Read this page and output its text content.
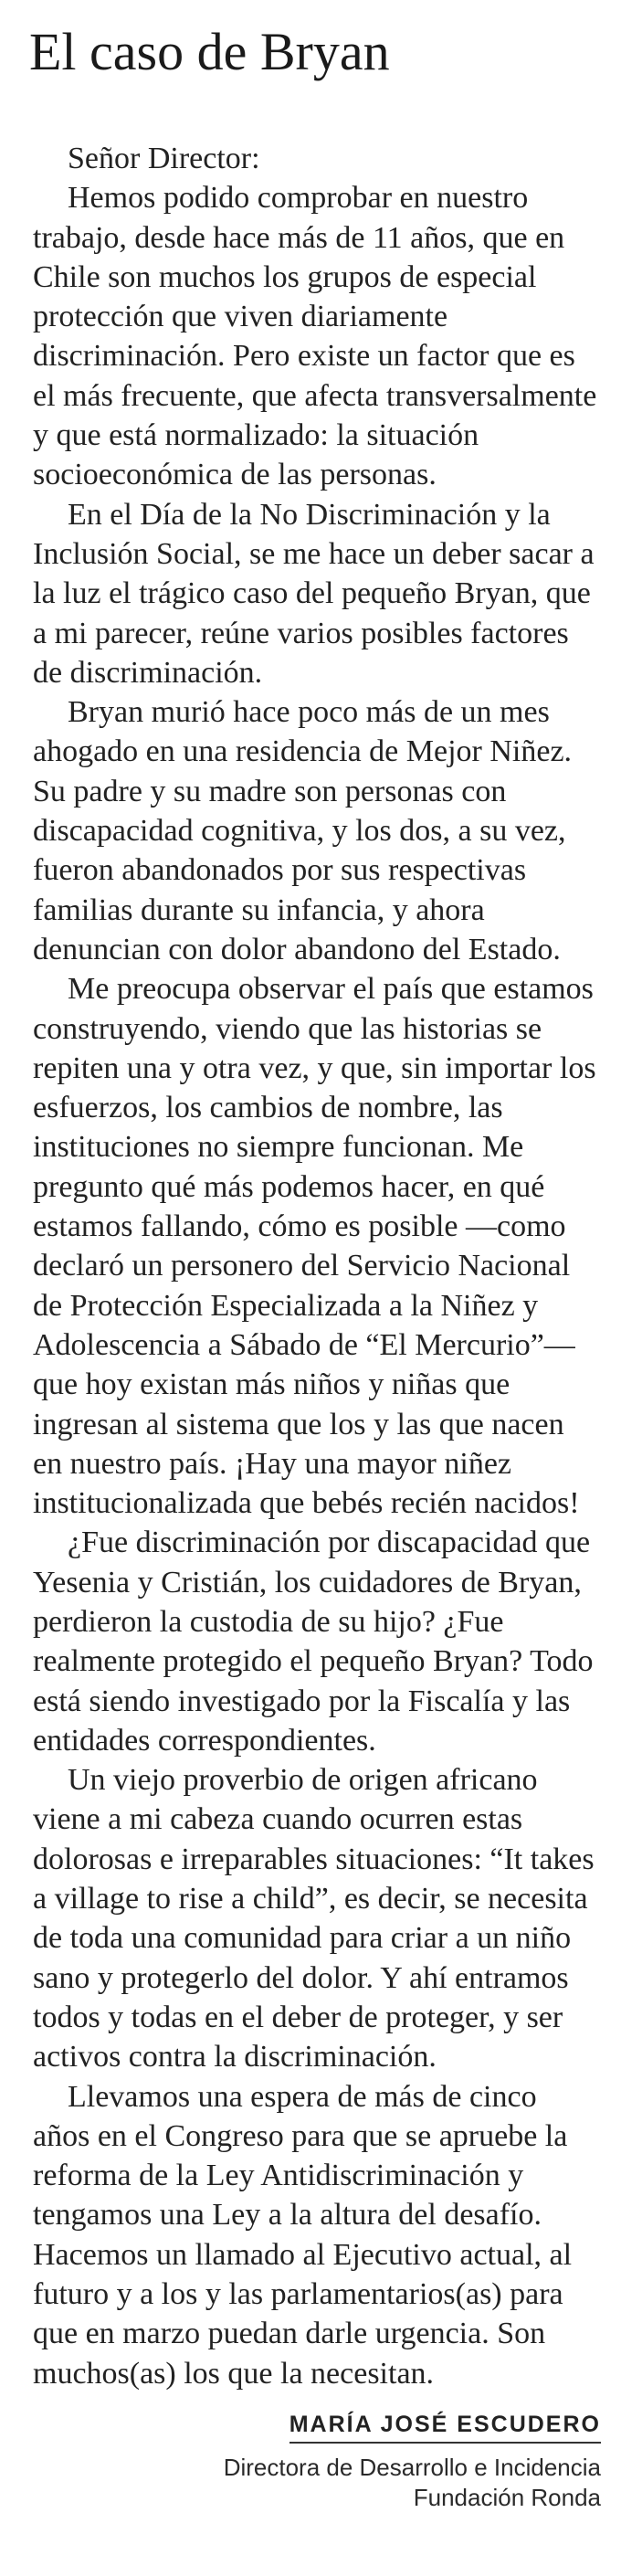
El caso de Bryan

Señor Director:

Hemos podido comprobar en nuestro trabajo, desde hace más de 11 años, que en Chile son muchos los grupos de especial protección que viven diariamente discriminación. Pero existe un factor que es el más frecuente, que afecta transversalmente y que está normalizado: la situación socioeconómica de las personas.

En el Día de la No Discriminación y la Inclusión Social, se me hace un deber sacar a la luz el trágico caso del pequeño Bryan, que a mi parecer, reúne varios posibles factores de discriminación.

Bryan murió hace poco más de un mes ahogado en una residencia de Mejor Niñez. Su padre y su madre son personas con discapacidad cognitiva, y los dos, a su vez, fueron abandonados por sus respectivas familias durante su infancia, y ahora denuncian con dolor abandono del Estado.

Me preocupa observar el país que estamos construyendo, viendo que las historias se repiten una y otra vez, y que, sin importar los esfuerzos, los cambios de nombre, las instituciones no siempre funcionan. Me pregunto qué más podemos hacer, en qué estamos fallando, cómo es posible —como declaró un personero del Servicio Nacional de Protección Especializada a la Niñez y Adolescencia a Sábado de “El Mercurio”— que hoy existan más niños y niñas que ingresan al sistema que los y las que nacen en nuestro país. ¡Hay una mayor niñez institucionalizada que bebés recién nacidos!

¿Fue discriminación por discapacidad que Yesenia y Cristián, los cuidadores de Bryan, perdieron la custodia de su hijo? ¿Fue realmente protegido el pequeño Bryan? Todo está siendo investigado por la Fiscalía y las entidades correspondientes.

Un viejo proverbio de origen africano viene a mi cabeza cuando ocurren estas dolorosas e irreparables situaciones: “It takes a village to rise a child”, es decir, se necesita de toda una comunidad para criar a un niño sano y protegerlo del dolor. Y ahí entramos todos y todas en el deber de proteger, y ser activos contra la discriminación.

Llevamos una espera de más de cinco años en el Congreso para que se apruebe la reforma de la Ley Antidiscriminación y tengamos una Ley a la altura del desafío. Hacemos un llamado al Ejecutivo actual, al futuro y a los y las parlamentarios(as) para que en marzo puedan darle urgencia. Son muchos(as) los que la necesitan.

MARÍA JOSÉ ESCUDERO
Directora de Desarrollo e Incidencia
Fundación Ronda
